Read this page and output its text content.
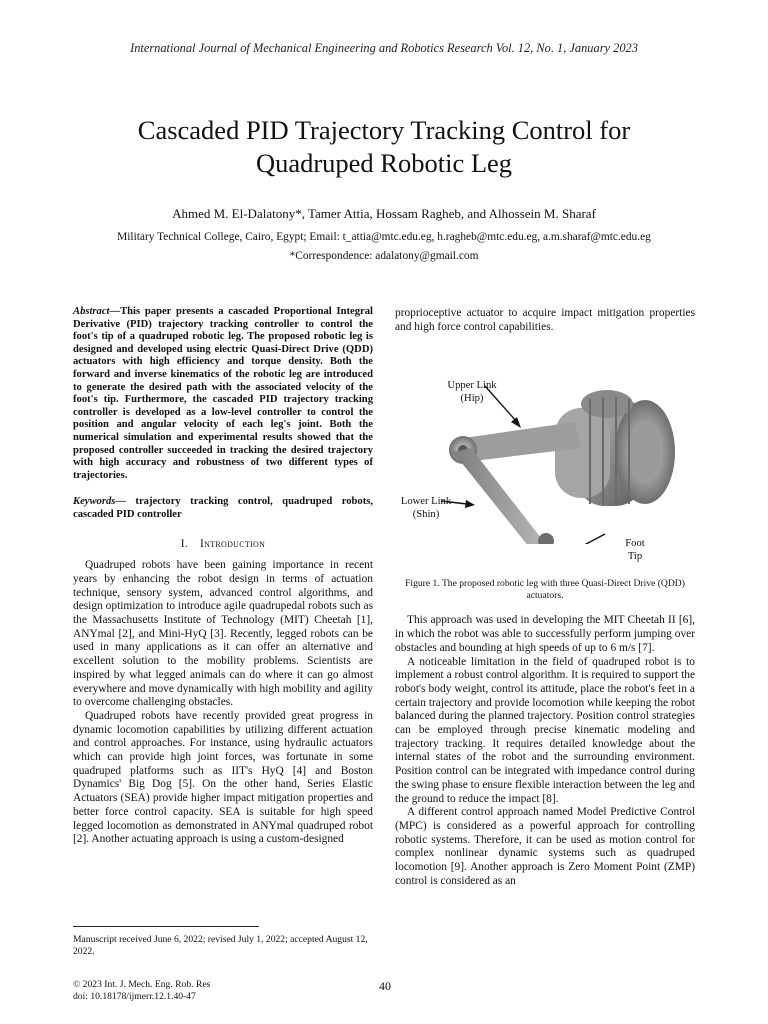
International Journal of Mechanical Engineering and Robotics Research Vol. 12, No. 1, January 2023
Cascaded PID Trajectory Tracking Control for
Quadruped Robotic Leg
Ahmed M. El-Dalatony*, Tamer Attia, Hossam Ragheb, and Alhossein M. Sharaf
Military Technical College, Cairo, Egypt; Email: t_attia@mtc.edu.eg, h.ragheb@mtc.edu.eg, a.m.sharaf@mtc.edu.eg
*Correspondence: adalatony@gmail.com
Abstract—This paper presents a cascaded Proportional Integral Derivative (PID) trajectory tracking controller to control the foot's tip of a quadruped robotic leg. The proposed robotic leg is designed and developed using electric Quasi-Direct Drive (QDD) actuators with high efficiency and torque density. Both the forward and inverse kinematics of the robotic leg are introduced to generate the desired path with the associated velocity of the foot's tip. Furthermore, the cascaded PID trajectory tracking controller is developed as a low-level controller to control the position and angular velocity of each leg's joint. Both the numerical simulation and experimental results showed that the proposed controller succeeded in tracking the desired trajectory with high accuracy and robustness of two different types of trajectories.
Keywords— trajectory tracking control, quadruped robots, cascaded PID controller
I. Introduction

Quadruped robots have been gaining importance in recent years by enhancing the robot design in terms of actuation technique, sensory system, advanced control algorithms, and design optimization to introduce agile quadrupedal robots such as the Massachusetts Institute of Technology (MIT) Cheetah [1], ANYmal [2], and Mini-HyQ [3]. Recently, legged robots can be used in many applications as it can offer an alternative and excellent solution to the mobility problems. Scientists are inspired by what legged animals can do where it can go almost everywhere and move dynamically with high mobility and agility to overcome challenging obstacles.

Quadruped robots have recently provided great progress in dynamic locomotion capabilities by utilizing different actuation and control approaches. For instance, using hydraulic actuators which can provide high joint forces, was fortunate in some quadruped platforms such as IIT's HyQ [4] and Boston Dynamics' Big Dog [5]. On the other hand, Series Elastic Actuators (SEA) provide higher impact mitigation properties and better force control capacity. SEA is suitable for high speed legged locomotion as demonstrated in ANYmal quadruped robot [2]. Another actuating approach is using a custom-designed

proprioceptive actuator to acquire impact mitigation properties and high force control capabilities.

Upper Link
(Hip)
Lower Link
(Shin)
Foot
Tip
Figure 1. The proposed robotic leg with three Quasi-Direct Drive (QDD) actuators.

This approach was used in developing the MIT Cheetah II [6], in which the robot was able to successfully perform jumping over obstacles and bounding at high speeds of up to 6 m/s [7].

A noticeable limitation in the field of quadruped robot is to implement a robust control algorithm. It is required to support the robot's body weight, control its attitude, place the robot's feet in a certain trajectory and provide locomotion while keeping the robot balanced during the planned trajectory. Position control strategies can be employed through precise kinematic modeling and trajectory tracking. It requires detailed knowledge about the internal states of the robot and the surrounding environment. Position control can be integrated with impedance control during the swing phase to ensure flexible interaction between the leg and the ground to reduce the impact [8].

A different control approach named Model Predictive Control (MPC) is considered as a powerful approach for controlling robotic systems. Therefore, it can be used as motion control for complex nonlinear dynamic systems such as quadruped locomotion [9]. Another approach is Zero Moment Point (ZMP) control is considered as an

Manuscript received June 6, 2022; revised July 1, 2022; accepted August 12, 2022.
© 2023 Int. J. Mech. Eng. Rob. Res
doi: 10.18178/ijmerr.12.1.40-47
40
